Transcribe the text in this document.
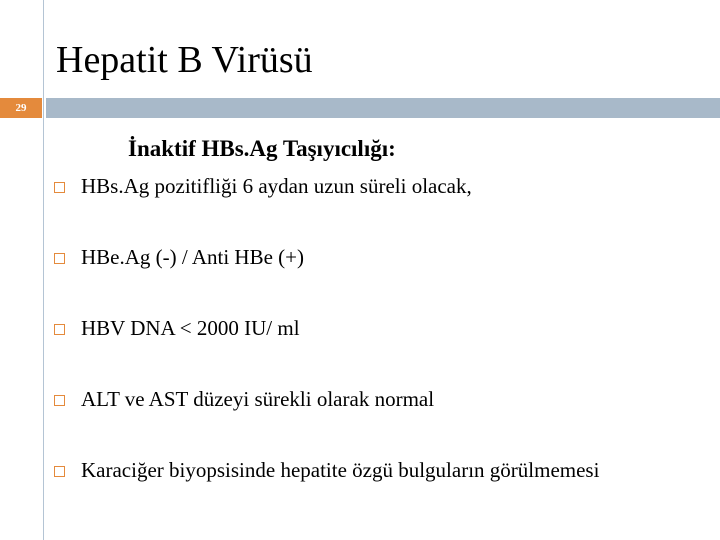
Hepatit B Virüsü
29
İnaktif HBs.Ag Taşıyıcılığı:
HBs.Ag pozitifliği 6 aydan uzun süreli olacak,
HBe.Ag (-) / Anti HBe (+)
HBV DNA < 2000 IU/ ml
ALT ve AST düzeyi sürekli olarak normal
Karaciğer biyopsisinde hepatite özgü bulguların görülmemesi
